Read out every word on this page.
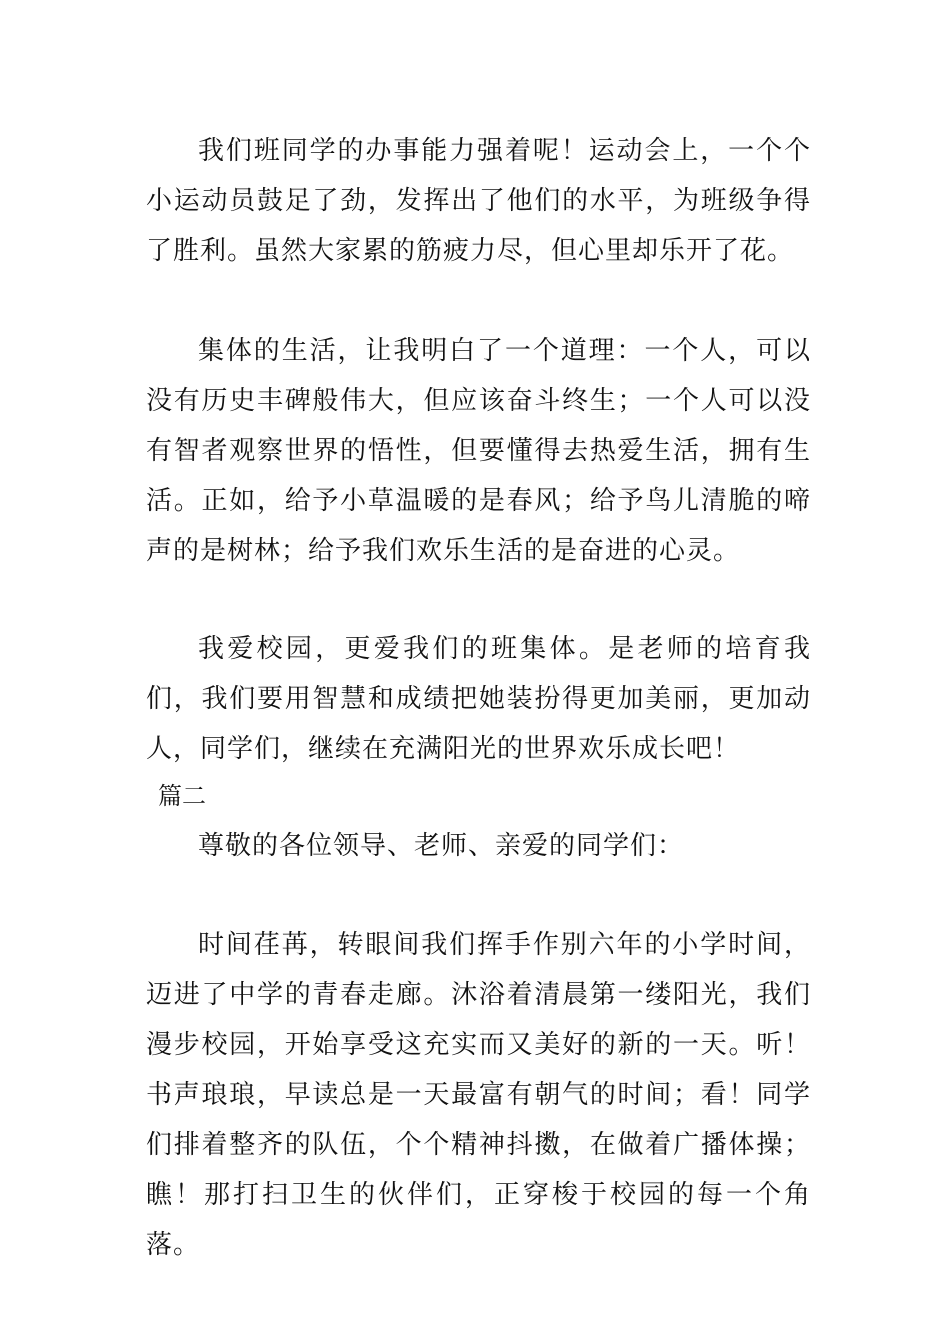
我们班同学的办事能力强着呢！运动会上，一个个小运动员鼓足了劲，发挥出了他们的水平，为班级争得了胜利。虽然大家累的筋疲力尽，但心里却乐开了花。

集体的生活，让我明白了一个道理：一个人，可以没有历史丰碑般伟大，但应该奋斗终生；一个人可以没有智者观察世界的悟性，但要懂得去热爱生活，拥有生活。正如，给予小草温暖的是春风；给予鸟儿清脆的啼声的是树林；给予我们欢乐生活的是奋进的心灵。

我爱校园，更爱我们的班集体。是老师的培育我们，我们要用智慧和成绩把她装扮得更加美丽，更加动人，同学们，继续在充满阳光的世界欢乐成长吧！

篇二

尊敬的各位领导、老师、亲爱的同学们：

时间荏苒，转眼间我们挥手作别六年的小学时间，迈进了中学的青春走廊。沐浴着清晨第一缕阳光，我们漫步校园，开始享受这充实而又美好的新的一天。听！书声琅琅，早读总是一天最富有朝气的时间；看！同学们排着整齐的队伍，个个精神抖擞，在做着广播体操；瞧！那打扫卫生的伙伴们，正穿梭于校园的每一个角落。
